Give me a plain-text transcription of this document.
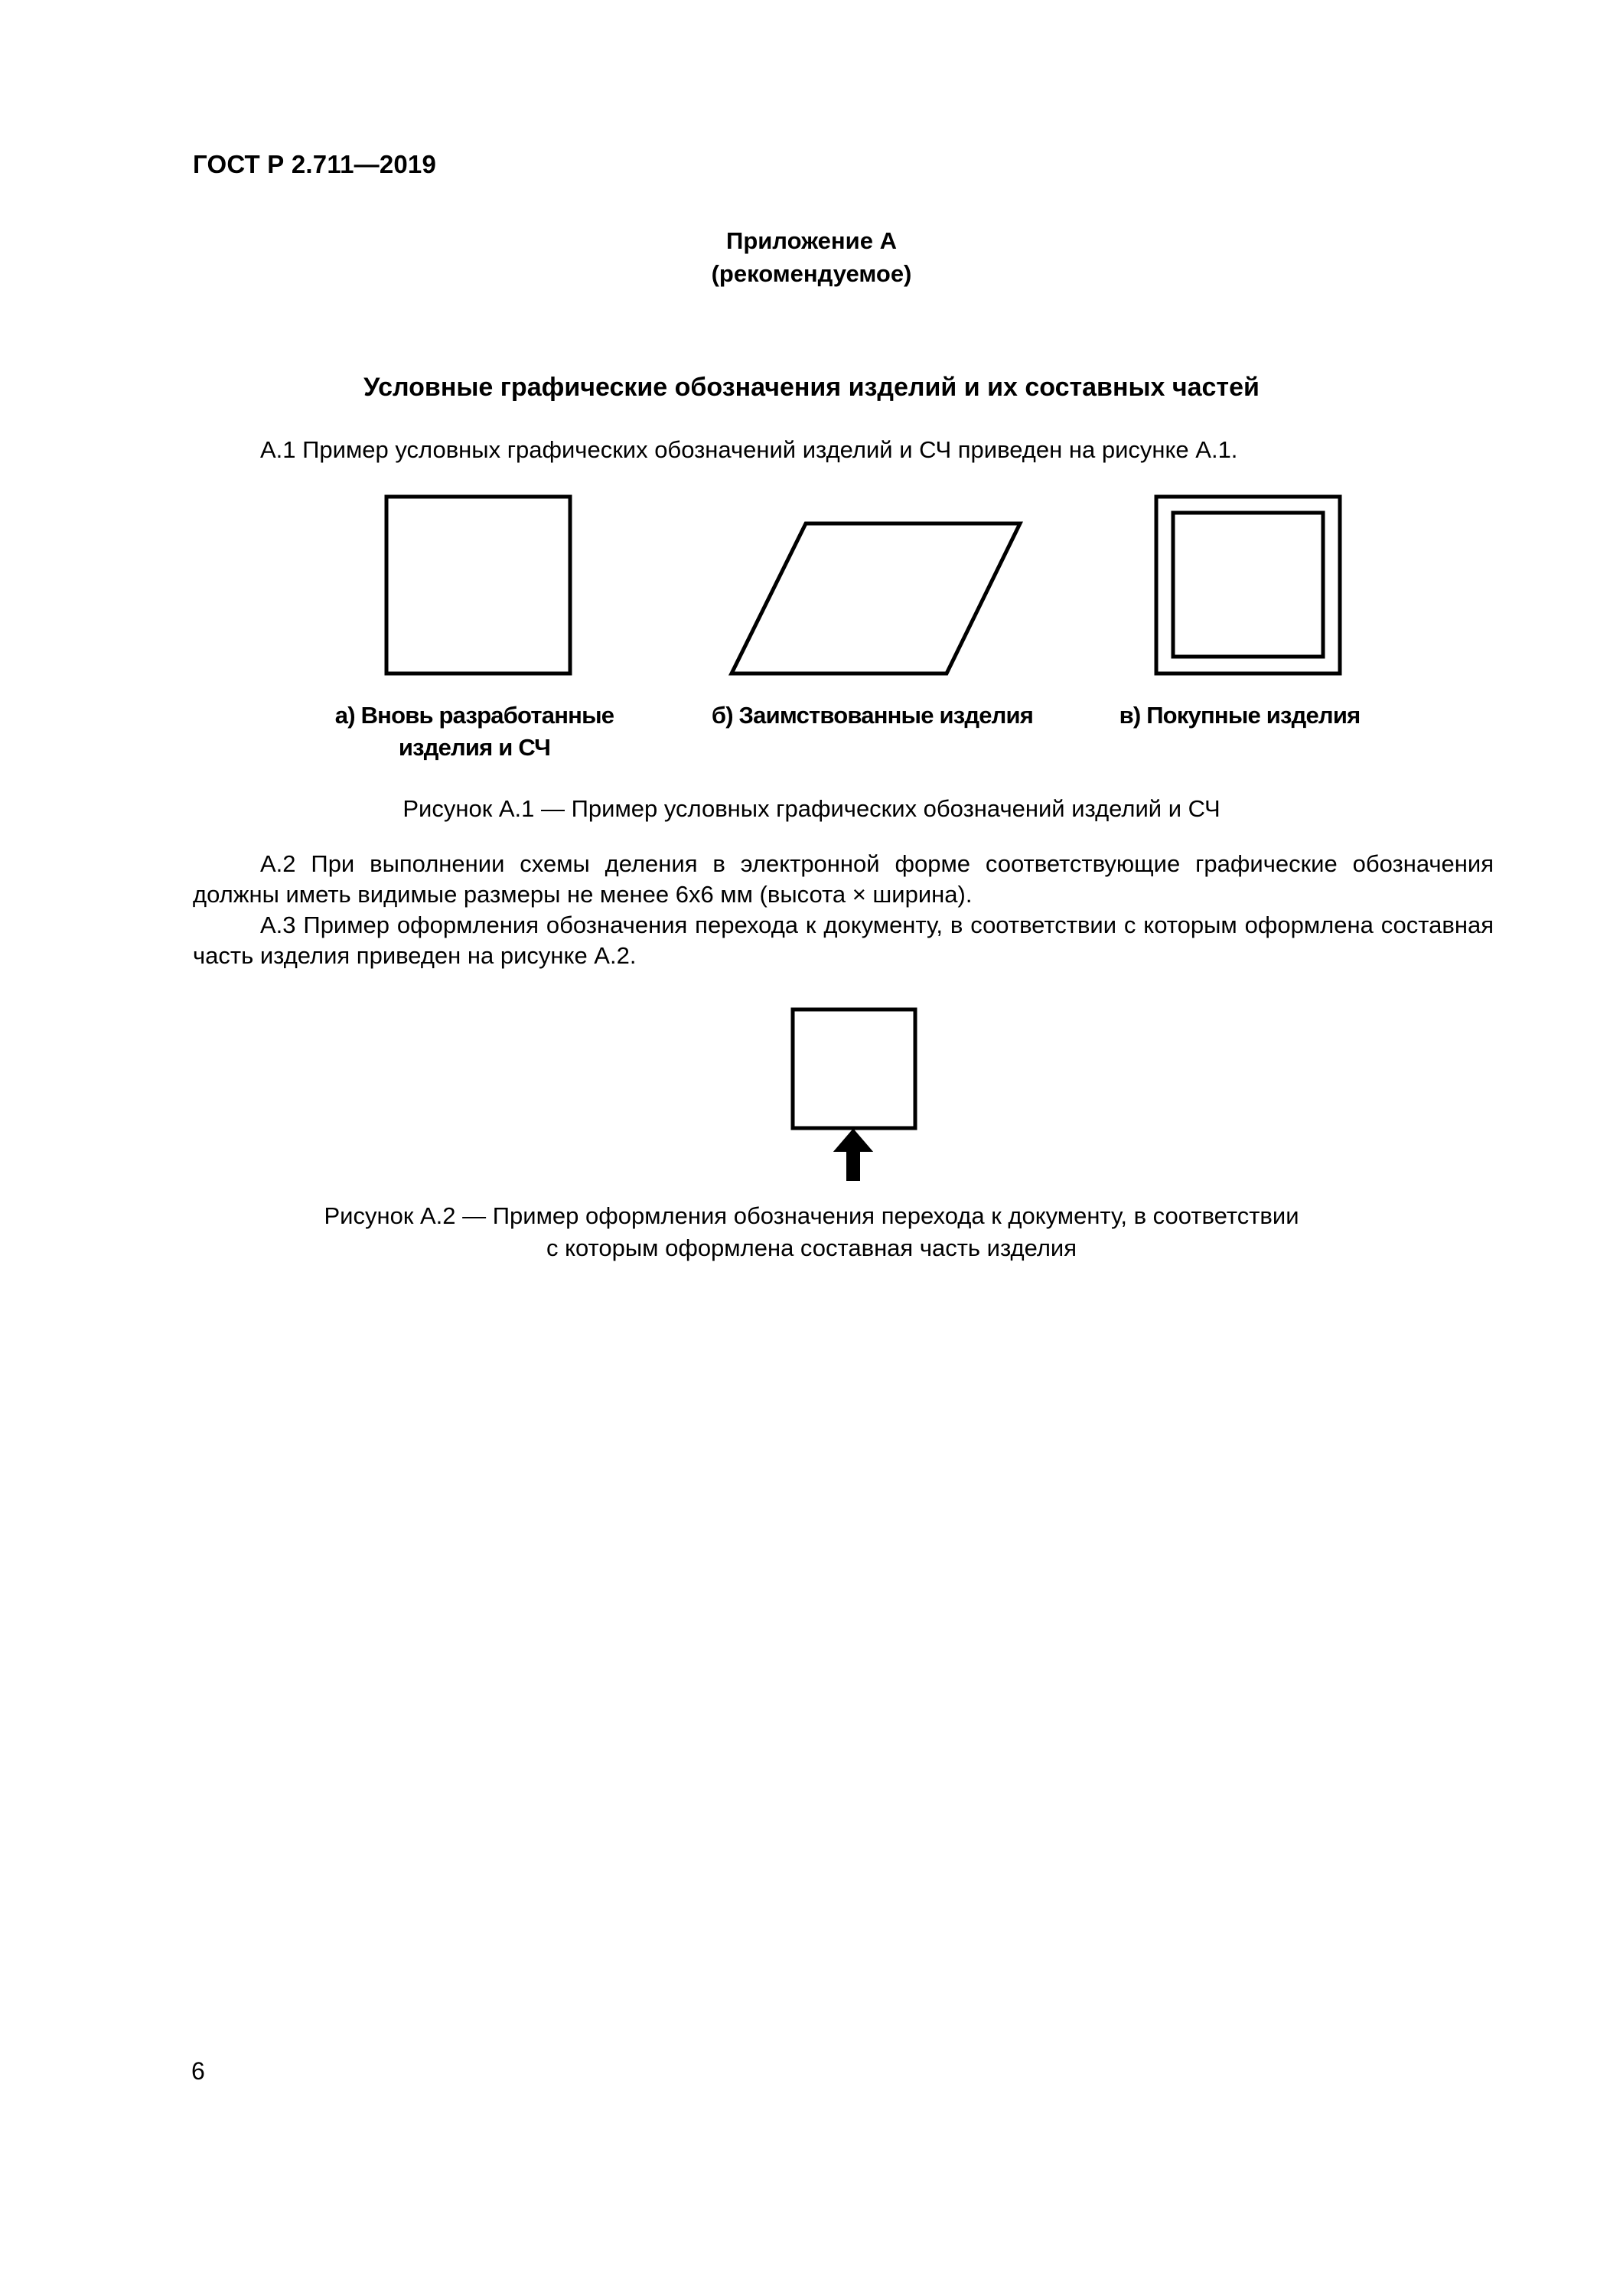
ГОСТ Р 2.711—2019
Приложение А
(рекомендуемое)
Условные графические обозначения изделий и их составных частей
А.1 Пример условных графических обозначений изделий и СЧ приведен на рисунке А.1.
а) Вновь разработанные изделия и СЧ
б) Заимствованные изделия	в) Покупные изделия
Рисунок А.1 — Пример условных графических обозначений изделий и СЧ
А.2 При выполнении схемы деления в электронной форме соответствующие графические обозначения должны иметь видимые размеры не менее 6x6 мм (высота × ширина).
А.3 Пример оформления обозначения перехода к документу, в соответствии с которым оформлена составная часть изделия приведен на рисунке А.2.
Рисунок А.2 — Пример оформления обозначения перехода к документу, в соответствии
с которым оформлена составная часть изделия
6
